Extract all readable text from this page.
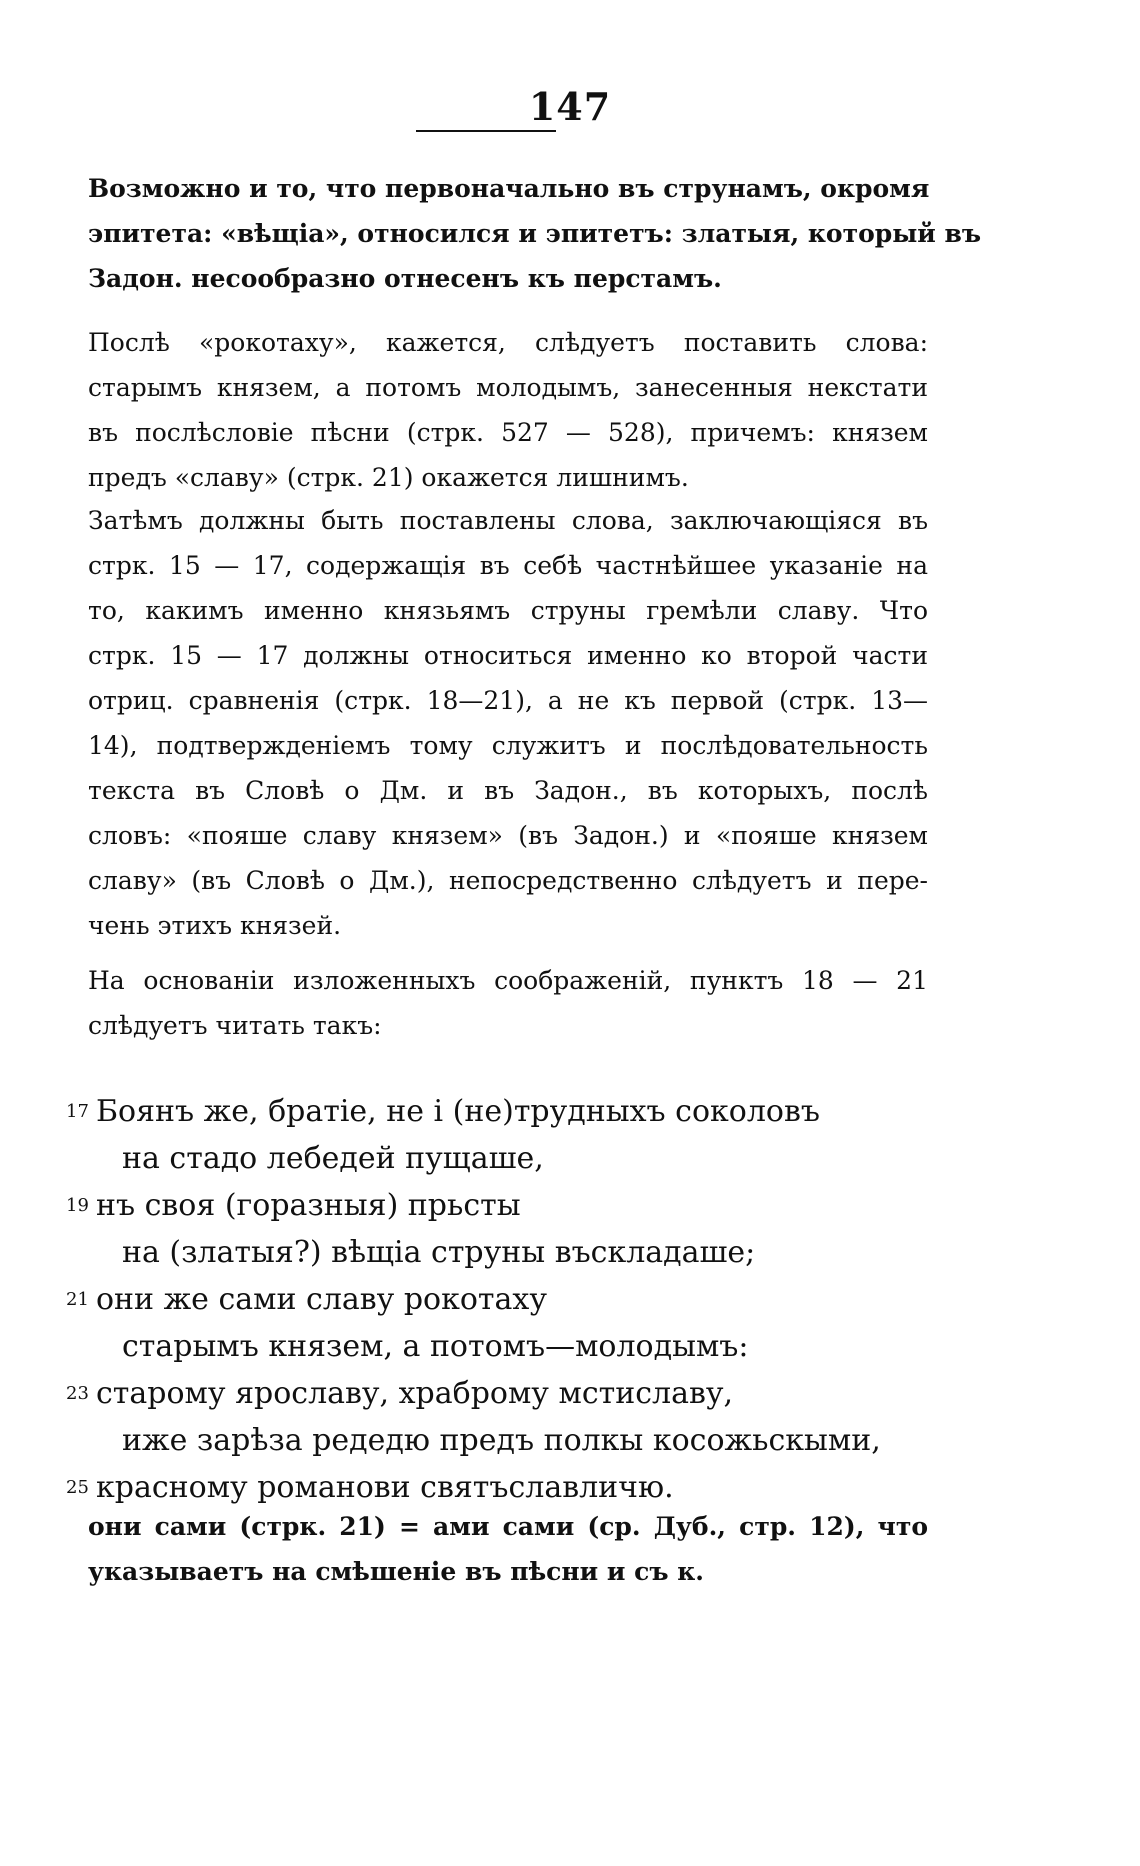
147

Возможно и то, что первоначально въ струнамъ, окромя
эпитета: «вѣщіа», относился и эпитетъ: златыя, который въ
Задон. несообразно отнесенъ къ перстамъ.

Послѣ «рокотаху», кажется, слѣдуетъ поставить слова:
старымъ князем, а потомъ молодымъ, занесенныя некстати
въ послѣсловіе пѣсни (стрк. 527 — 528), причемъ: князем
предъ «славу» (стрк. 21) окажется лишнимъ.

Затѣмъ должны быть поставлены слова, заключающіяся въ
стрк. 15 — 17, содержащія въ себѣ частнѣйшее указаніе на
то, какимъ именно князьямъ струны гремѣли славу. Что
стрк. 15 — 17 должны относиться именно ко второй части
отриц. сравненія (стрк. 18—21), а не къ первой (стрк. 13—
14), подтвержденіемъ тому служитъ и послѣдовательность
текста въ Словѣ о Дм. и въ Задон., въ которыхъ, послѣ
словъ: «пояше славу князем» (въ Задон.) и «пояше князем
славу» (въ Словѣ о Дм.), непосредственно слѣдуетъ и пере-
чень этихъ князей.

На основаніи изложенныхъ соображеній, пунктъ 18 — 21
слѣдуетъ читать такъ:

17 Боянъ же, братіе, не і (не)трудныхъ соколовъ
на стадо лебедей пущаше,
19 нъ своя (горазныя) прьсты
на (златыя?) вѣщіа струны въскладаше;
21 они же сами славу рокотаху
старымъ князем, а потомъ—молодымъ:
23 старому ярославу, храброму мстиславу,
иже зарѣза редедю предъ полкы косожьскыми,
25 красному романови святъславличю.

они сами (стрк. 21) = ами сами (ср. Дуб., стр. 12), что
указываетъ на смѣшеніе въ пѣсни и съ к.
